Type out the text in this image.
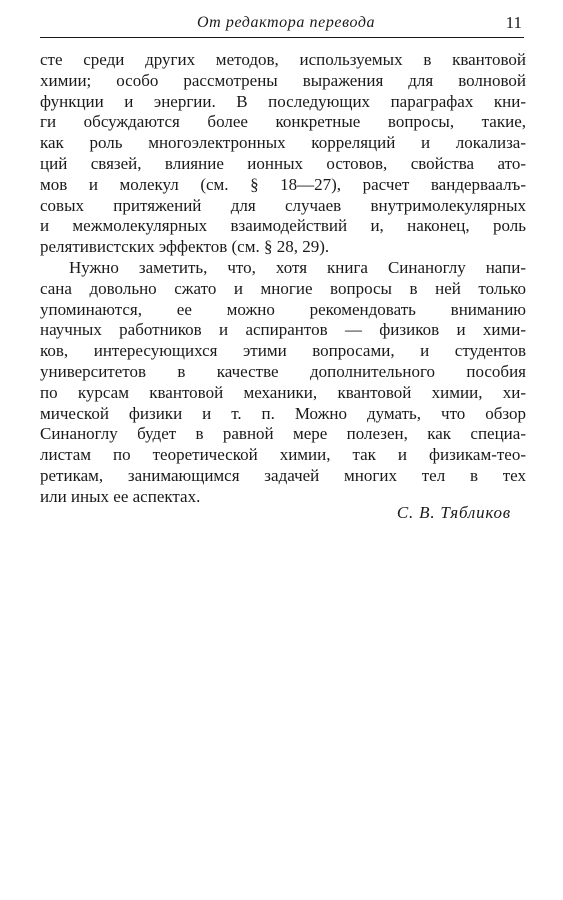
От редактора перевода	11
сте среди других методов, используемых в квантовой
химии; особо рассмотрены выражения для волновой
функции и энергии. В последующих параграфах кни-
ги обсуждаются более конкретные вопросы, такие,
как роль многоэлектронных корреляций и локализа-
ций связей, влияние ионных остовов, свойства ато-
мов и молекул (см. § 18—27), расчет вандерваалъ-
совых притяжений для случаев внутримолекулярных
и межмолекулярных взаимодействий и, наконец, роль
релятивистских эффектов (см. § 28, 29).
Нужно заметить, что, хотя книга Синаноглу напи-
сана довольно сжато и многие вопросы в ней только
упоминаются, ее можно рекомендовать вниманию
научных работников и аспирантов — физиков и хими-
ков, интересующихся этими вопросами, и студентов
университетов в качестве дополнительного пособия
по курсам квантовой механики, квантовой химии, хи-
мической физики и т. п. Можно думать, что обзор
Синаноглу будет в равной мере полезен, как специа-
листам по теоретической химии, так и физикам-тео-
ретикам, занимающимся задачей многих тел в тех
или иных ее аспектах.
С. В. Тябликов
